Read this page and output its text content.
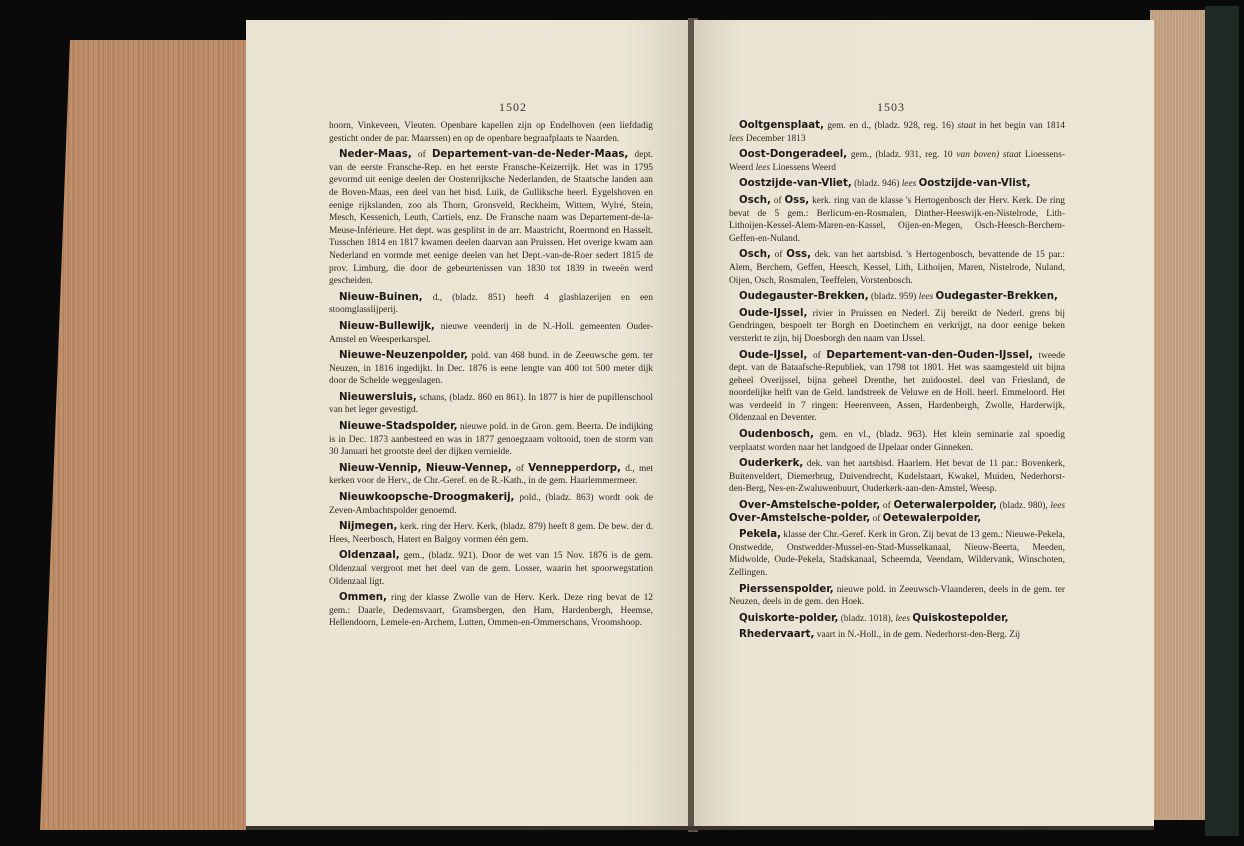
1502

hoorn, Vinkeveen, Vleuten. Openbare kapellen zijn op Endelhoven (een liefdadig gesticht onder de par. Maarssen) en op de openbare begraafplaats te Naarden.

Neder-Maas, of Departement-van-de-Neder-Maas, dept. van de eerste Fransche-Rep. en het eerste Fransche-Keizerrijk. Het was in 1795 gevormd uit eenige deelen der Oostenrijksche Nederlanden, de Staatsche landen aan de Boven-Maas, een deel van het bisd. Luik, de Gulliksche heerl. Eygelshoven en eenige rijkslanden, zoo als Thorn, Gronsveld, Reckheim, Wittem, Wylré, Stein, Mesch, Kessenich, Leuth, Cartiels, enz. De Fransche naam was Departement-de-la-Meuse-Inférieure. Het dept. was gesplitst in de arr. Maastricht, Roermond en Hasselt. Tusschen 1814 en 1817 kwamen deelen daarvan aan Pruissen. Het overige kwam aan Nederland en vormde met eenige deelen van het Dept.-van-de-Roer sedert 1815 de prov. Limburg, die door de gebeurtenissen van 1830 tot 1839 in tweeën werd gescheiden.

Nieuw-Buinen, d., (bladz. 851) heeft 4 glasblazerijen en een stoomglasslijperij.

Nieuw-Bullewijk, nieuwe veenderij in de N.-Holl. gemeenten Ouder-Amstel en Weesperkarspel.

Nieuwe-Neuzenpolder, pold. van 468 bund. in de Zeeuwsche gem. ter Neuzen, in 1816 ingedijkt. In Dec. 1876 is eene lengte van 400 tot 500 meter dijk door de Schelde weggeslagen.

Nieuwersluis, schans, (bladz. 860 en 861). In 1877 is hier de pupillenschool van het leger gevestigd.

Nieuwe-Stadspolder, nieuwe pold. in de Gron. gem. Beerta. De indijking is in Dec. 1873 aanbesteed en was in 1877 genoegzaam voltooid, toen de storm van 30 Januari het grootste deel der dijken vernielde.

Nieuw-Vennip, Nieuw-Vennep, of Vennepperdorp, d., met kerken voor de Herv., de Chr.-Geref. en de R.-Kath., in de gem. Haarlemmermeer.

Nieuwkoopsche-Droogmakerij, pold., (bladz. 863) wordt ook de Zeven-Ambachtspolder genoemd.

Nijmegen, kerk. ring der Herv. Kerk, (bladz. 879) heeft 8 gem. De bew. der d. Hees, Neerbosch, Hatert en Balgoy vormen één gem.

Oldenzaal, gem., (bladz. 921). Door de wet van 15 Nov. 1876 is de gem. Oldenzaal vergroot met het deel van de gem. Losser, waarin het spoorwegstation Oldenzaal ligt.

Ommen, ring der klasse Zwolle van de Herv. Kerk. Deze ring bevat de 12 gem.: Daarle, Dedemsvaart, Gramsbergen, den Ham, Hardenbergh, Heemse, Hellendoorn, Lemele-en-Archem, Lutten, Ommen-en-Ommerschans, Vroomshoop.

1503

Ooltgensplaat, gem. en d., (bladz. 928, reg. 16) staat in het begin van 1814 lees December 1813

Oost-Dongeradeel, gem., (bladz. 931, reg. 10 van boven) staat Lioessens-Weerd lees Lioessens Weerd

Oostzijde-van-Vliet, (bladz. 946) lees Oostzijde-van-Vlist,

Osch, of Oss, kerk. ring van de klasse 's Hertogenbosch der Herv. Kerk. De ring bevat de 5 gem.: Berlicum-en-Rosmalen, Dinther-Heeswijk-en-Nistelrode, Lith-Lithoijen-Kessel-Alem-Maren-en-Kassel, Oijen-en-Megen, Osch-Heesch-Berchem-Geffen-en-Nuland.

Osch, of Oss, dek. van het aartsbisd. 's Hertogenbosch, bevattende de 15 par.: Alem, Berchem, Geffen, Heesch, Kessel, Lith, Lithoijen, Maren, Nistelrode, Nuland, Oijen, Osch, Rosmalen, Teeffelen, Vorstenbosch.

Oudegauster-Brekken, (bladz. 959) lees Oudegaster-Brekken,

Oude-IJssel, rivier in Pruissen en Nederl. Zij bereikt de Nederl. grens bij Gendringen, bespoelt ter Borgh en Doetinchem en verkrijgt, na door eenige beken versterkt te zijn, bij Doesborgh den naam van IJssel.

Oude-IJssel, of Departement-van-den-Ouden-IJssel, tweede dept. van de Bataafsche-Republiek, van 1798 tot 1801. Het was saamgesteld uit bijna geheel Overijssel, bijna geheel Drenthe, het zuidoostel. deel van Friesland, de noordelijke helft van de Geld. landstreek de Veluwe en de Holl. heerl. Emmeloord. Het was verdeeld in 7 ringen: Heerenveen, Assen, Hardenbergh, Zwolle, Harderwijk, Oldenzaal en Deventer.

Oudenbosch, gem. en vl., (bladz. 963). Het klein seminarie zal spoedig verplaatst worden naar het landgoed de IJpelaar onder Ginneken.

Ouderkerk, dek. van het aartsbisd. Haarlem. Het bevat de 11 par.: Bovenkerk, Buitenveldert, Diemerbrug, Duivendrecht, Kudelstaart, Kwakel, Muiden, Nederhorst-den-Berg, Nes-en-Zwaluwenbuurt, Ouderkerk-aan-den-Amstel, Weesp.

Over-Amstelsche-polder, of Oeterwalerpolder, (bladz. 980), lees Over-Amstelsche-polder, of Oetewalerpolder,

Pekela, klasse der Chr.-Geref. Kerk in Gron. Zij bevat de 13 gem.: Nieuwe-Pekela, Onstwedde, Onstwedder-Mussel-en-Stad-Musselkanaal, Nieuw-Beerta, Meeden, Midwolde, Oude-Pekela, Stadskanaal, Scheemda, Veendam, Wildervank, Winschoten, Zellingen.

Pierssenspolder, nieuwe pold. in Zeeuwsch-Vlaanderen, deels in de gem. ter Neuzen, deels in de gem. den Hoek.

Quiskorte-polder, (bladz. 1018), lees Quiskostepolder,

Rhedervaart, vaart in N.-Holl., in de gem. Nederhorst-den-Berg. Zij
